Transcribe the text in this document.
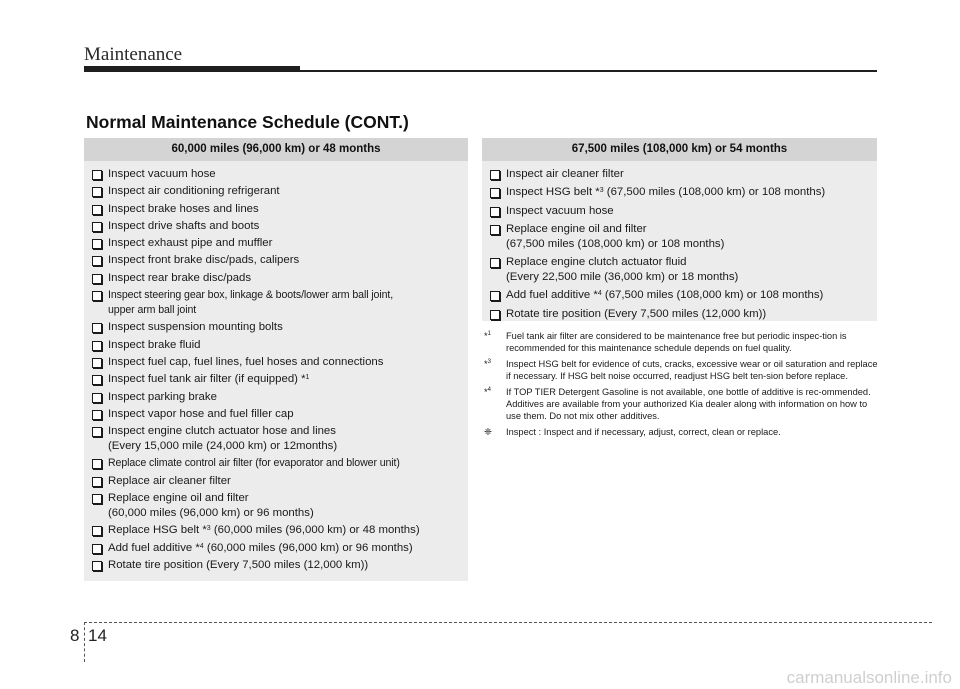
Maintenance
Normal Maintenance Schedule (CONT.)
60,000 miles (96,000 km) or 48 months
Inspect vacuum hose
Inspect air conditioning refrigerant
Inspect brake hoses and lines
Inspect drive shafts and boots
Inspect exhaust pipe and muffler
Inspect front brake disc/pads, calipers
Inspect rear brake disc/pads
Inspect steering gear box, linkage & boots/lower arm ball joint,
upper arm ball joint
Inspect suspension mounting bolts
Inspect brake fluid
Inspect fuel cap, fuel lines, fuel hoses and connections
Inspect fuel tank air filter (if equipped) *$^1$
Inspect parking brake
Inspect vapor hose and fuel filler cap
Inspect engine clutch actuator hose and lines
(Every 15,000 mile (24,000 km) or 12months)
Replace climate control air filter (for evaporator and blower unit)
Replace air cleaner filter
Replace engine oil and filter
(60,000 miles (96,000 km) or 96 months)
Replace HSG belt *$^3$ (60,000 miles (96,000 km) or 48 months)
Add fuel additive *$^4$ (60,000 miles (96,000 km) or 96 months)
Rotate tire position (Every 7,500 miles (12,000 km))
67,500 miles (108,000 km) or 54 months
Inspect air cleaner filter
Inspect HSG belt *$^3$ (67,500 miles (108,000 km) or 108 months)
Inspect vacuum hose
Replace engine oil and filter
(67,500 miles (108,000 km) or 108 months)
Replace engine clutch actuator fluid
(Every 22,500 mile (36,000 km) or 18 months)
Add fuel additive *$^4$ (67,500 miles (108,000 km) or 108 months)
Rotate tire position (Every 7,500 miles (12,000 km))
*$^1$ Fuel tank air filter are considered to be maintenance free but periodic inspec-tion is recommended for this maintenance schedule depends on fuel quality.
*$^3$ Inspect HSG belt for evidence of cuts, cracks, excessive wear or oil saturation and replace if necessary. If HSG belt noise occurred, readjust HSG belt ten-sion before replace.
*$^4$ If TOP TIER Detergent Gasoline is not available, one bottle of additive is rec-ommended. Additives are available from your authorized Kia dealer along with information on how to use them. Do not mix other additives.
❈ Inspect : Inspect and if necessary, adjust, correct, clean or replace.
8 14
carmanualsonline.info
